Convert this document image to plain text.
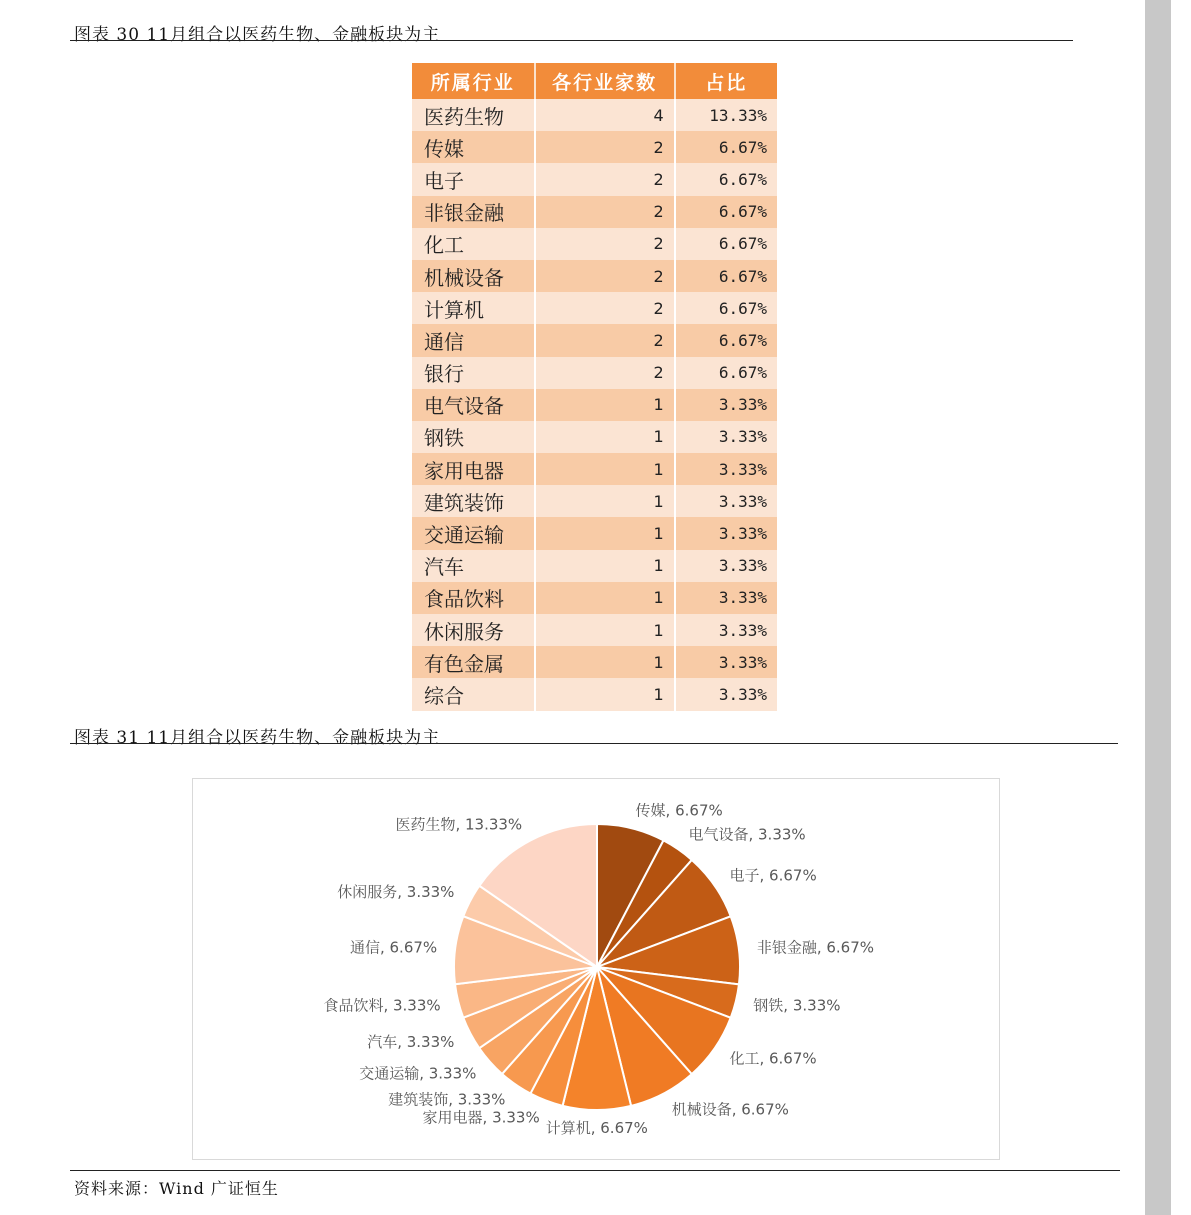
图表 30 11月组合以医药生物、金融板块为主
所属行业	各行业家数	占比
医药生物	4	13.33%
传媒	2	6.67%
电子	2	6.67%
非银金融	2	6.67%
化工	2	6.67%
机械设备	2	6.67%
计算机	2	6.67%
通信	2	6.67%
银行	2	6.67%
电气设备	1	3.33%
钢铁	1	3.33%
家用电器	1	3.33%
建筑装饰	1	3.33%
交通运输	1	3.33%
汽车	1	3.33%
食品饮料	1	3.33%
休闲服务	1	3.33%
有色金属	1	3.33%
综合	1	3.33%
图表 31 11月组合以医药生物、金融板块为主
传媒, 6.67%
电气设备, 3.33%
电子, 6.67%
非银金融, 6.67%
钢铁, 3.33%
化工, 6.67%
机械设备, 6.67%
计算机, 6.67%
家用电器, 3.33%
建筑装饰, 3.33%
交通运输, 3.33%
汽车, 3.33%
食品饮料, 3.33%
通信, 6.67%
休闲服务, 3.33%
医药生物, 13.33%
资料来源：Wind 广证恒生
